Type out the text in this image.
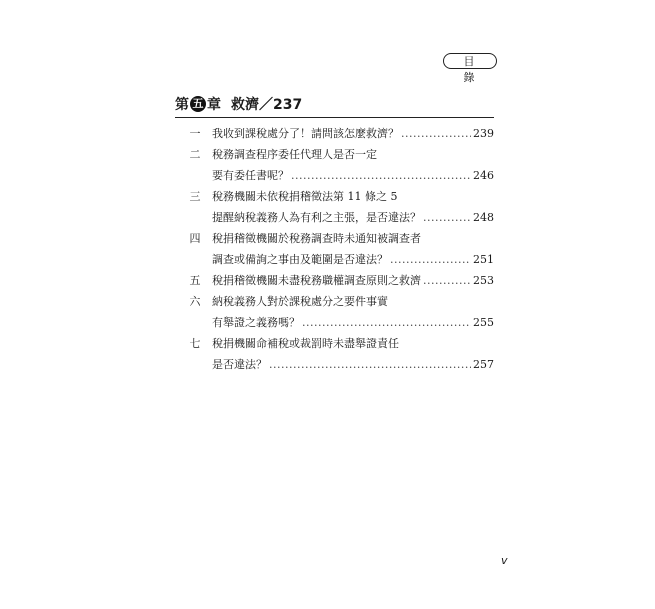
目 錄
第 五 章 救濟／237
一 我收到課稅處分了！請問該怎麼救濟？ .....	239
二 稅務調查程序委任代理人是否一定
要有委任書呢？ .....	246
三 稅務機關未依稅捐稽徵法第 11 條之 5
提醒納稅義務人為有利之主張，是否違法？ .....	248
四 稅捐稽徵機關於稅務調查時未通知被調查者
調查或備詢之事由及範圍是否違法？ .....	251
五 稅捐稽徵機關未盡稅務職權調查原則之救濟 .....	253
六 納稅義務人對於課稅處分之要件事實
有舉證之義務嗎？ .....	255
七 稅捐機關命補稅或裁罰時未盡舉證責任
是否違法？ .....	257
v
